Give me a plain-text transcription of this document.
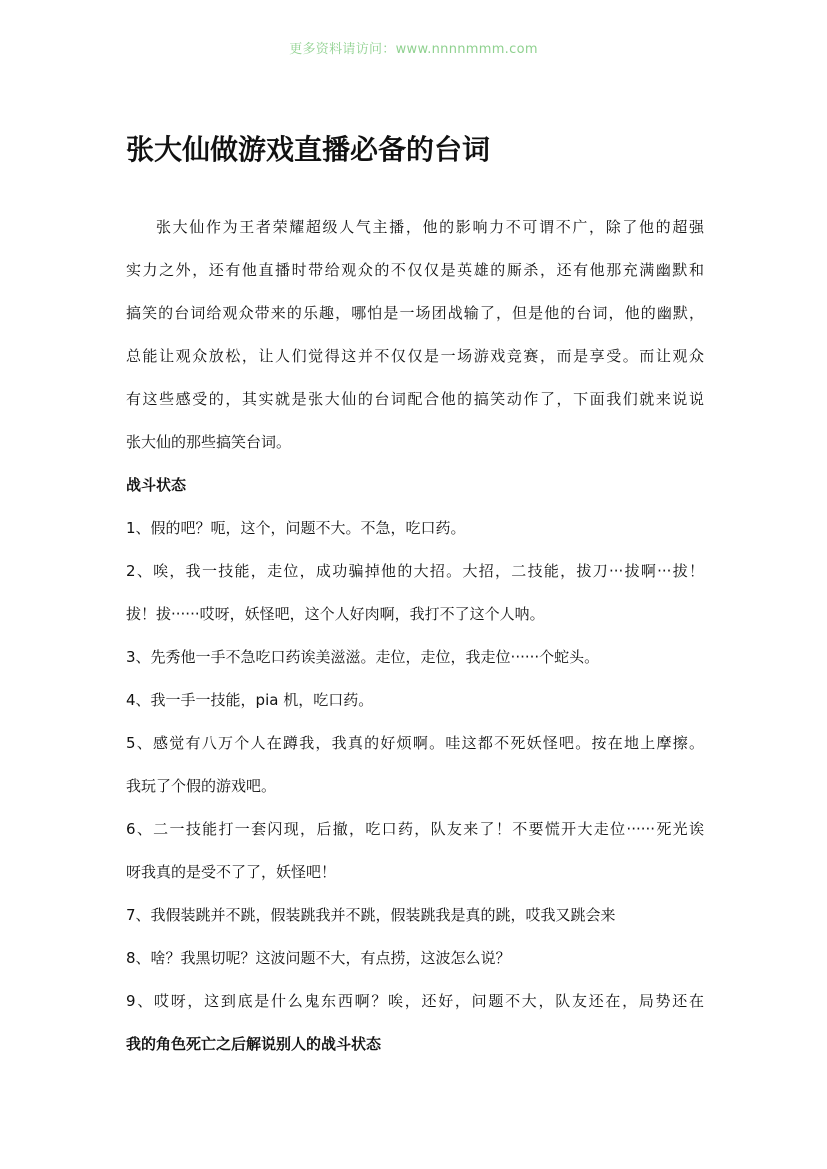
更多资料请访问：www.nnnnmmm.com
张大仙做游戏直播必备的台词
张大仙作为王者荣耀超级人气主播，他的影响力不可谓不广，除了他的超强
实力之外，还有他直播时带给观众的不仅仅是英雄的厮杀，还有他那充满幽默和
搞笑的台词给观众带来的乐趣，哪怕是一场团战输了，但是他的台词，他的幽默，
总能让观众放松，让人们觉得这并不仅仅是一场游戏竞赛，而是享受。而让观众
有这些感受的，其实就是张大仙的台词配合他的搞笑动作了，下面我们就来说说
张大仙的那些搞笑台词。
战斗状态
1、假的吧？呃，这个，问题不大。不急，吃口药。
2、唉，我一技能，走位，成功骗掉他的大招。大招，二技能，拔刀···拔啊···拔！
拔！拔······哎呀，妖怪吧，这个人好肉啊，我打不了这个人呐。
3、先秀他一手不急吃口药诶美滋滋。走位，走位，我走位······个蛇头。
4、我一手一技能，pia 机，吃口药。
5、感觉有八万个人在蹲我，我真的好烦啊。哇这都不死妖怪吧。按在地上摩擦。
我玩了个假的游戏吧。
6、二一技能打一套闪现，后撤，吃口药，队友来了！不要慌开大走位······死光诶
呀我真的是受不了了，妖怪吧！
7、我假装跳并不跳，假装跳我并不跳，假装跳我是真的跳，哎我又跳会来
8、啥？我黑切呢？这波问题不大，有点捞，这波怎么说？
9、哎呀，这到底是什么鬼东西啊？唉，还好，问题不大，队友还在，局势还在
我的角色死亡之后解说别人的战斗状态
